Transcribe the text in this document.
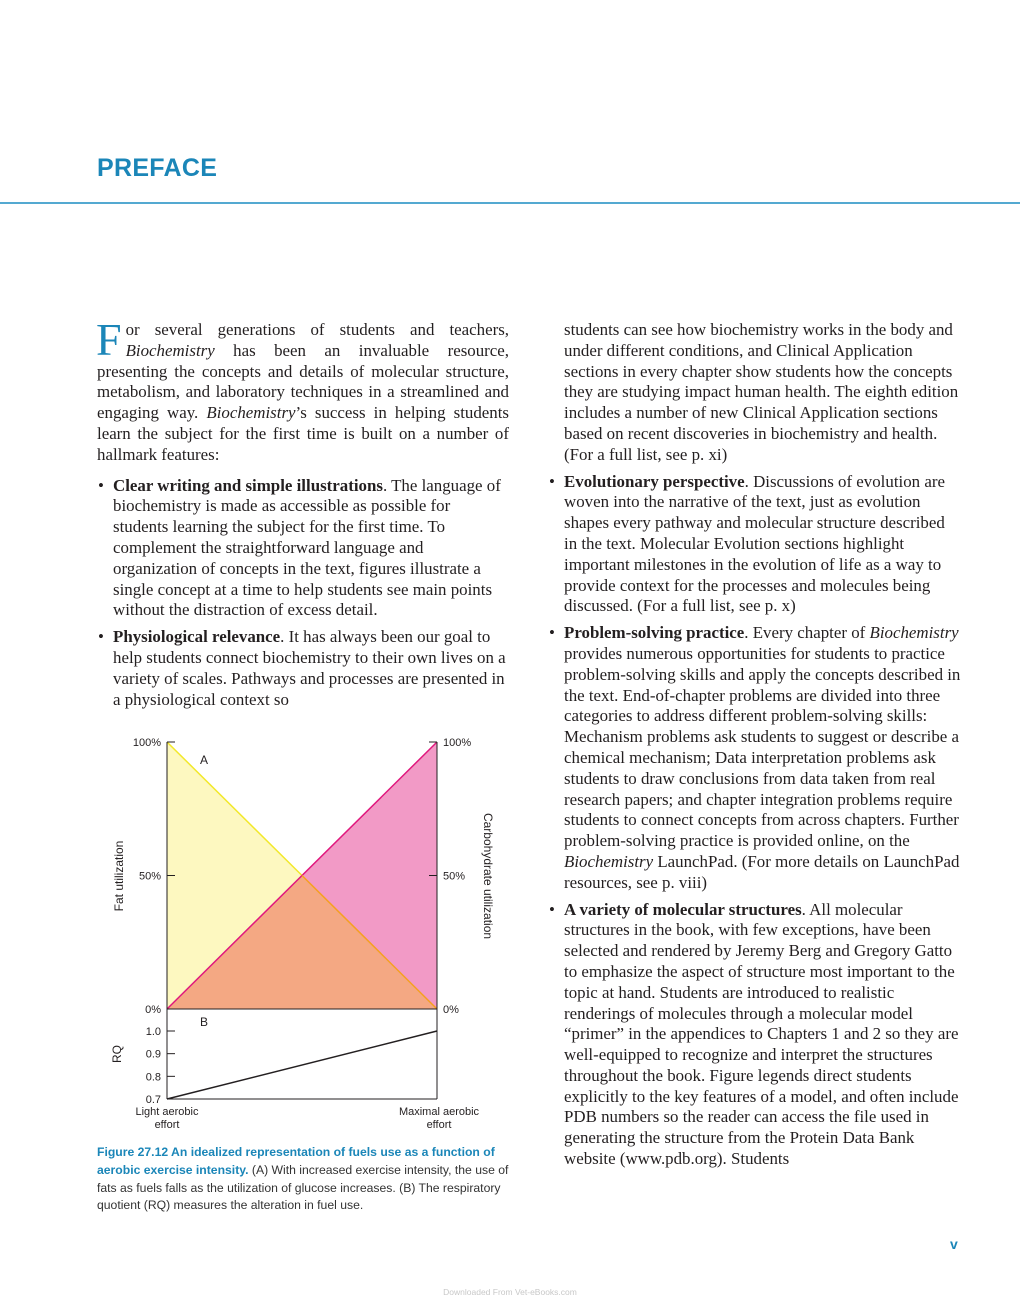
PREFACE

For several generations of students and teachers, Biochemistry has been an invaluable resource, presenting the concepts and details of molecular structure, metabolism, and laboratory techniques in a streamlined and engaging way. Biochemistry’s success in helping students learn the subject for the first time is built on a number of hallmark features:

• Clear writing and simple illustrations. The language of biochemistry is made as accessible as possible for students learning the subject for the first time. To complement the straightforward language and organization of concepts in the text, figures illustrate a single concept at a time to help students see main points without the distraction of excess detail.
• Physiological relevance. It has always been our goal to help students connect biochemistry to their own lives on a variety of scales. Pathways and processes are presented in a physiological context so
0%
50%
100%
0%
50%
100%
0.7
0.8
0.9
1.0
A
B
Fat utilization	Carbohydrate utilization
RQ
Light aerobic
effort
Maximal aerobic
effort
Figure 27.12 An idealized representation of fuels use as a function of aerobic exercise intensity. (A) With increased exercise intensity, the use of fats as fuels falls as the utilization of glucose increases. (B) The respiratory quotient (RQ) measures the alteration in fuel use.

students can see how biochemistry works in the body and under different conditions, and Clinical Application sections in every chapter show students how the concepts they are studying impact human health. The eighth edition includes a number of new Clinical Application sections based on recent discoveries in biochemistry and health. (For a full list, see p. xi)

• Evolutionary perspective. Discussions of evolution are woven into the narrative of the text, just as evolution shapes every pathway and molecular structure described in the text. Molecular Evolution sections highlight important milestones in the evolution of life as a way to provide context for the processes and molecules being discussed. (For a full list, see p. x)
• Problem-solving practice. Every chapter of Biochemistry provides numerous opportunities for students to practice problem-solving skills and apply the concepts described in the text. End-of-chapter problems are divided into three categories to address different problem-solving skills: Mechanism problems ask students to suggest or describe a chemical mechanism; Data interpretation problems ask students to draw conclusions from data taken from real research papers; and chapter integration problems require students to connect concepts from across chapters. Further problem-solving practice is provided online, on the Biochemistry LaunchPad. (For more details on LaunchPad resources, see p. viii)
• A variety of molecular structures. All molecular structures in the book, with few exceptions, have been selected and rendered by Jeremy Berg and Gregory Gatto to emphasize the aspect of structure most important to the topic at hand. Students are introduced to realistic renderings of molecules through a molecular model “primer” in the appendices to Chapters 1 and 2 so they are well-equipped to recognize and interpret the structures throughout the book. Figure legends direct students explicitly to the key features of a model, and often include PDB numbers so the reader can access the file used in generating the structure from the Protein Data Bank website (www.pdb.org). Students
v
Downloaded From Vet-eBooks.com
